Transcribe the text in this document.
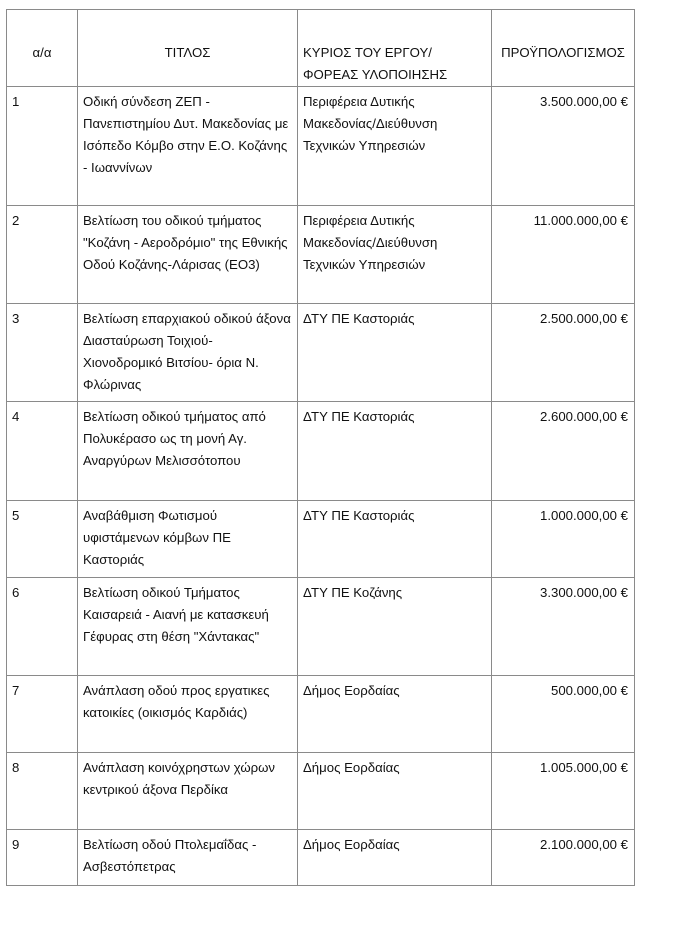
α/α	ΤΙΤΛΟΣ	ΚΥΡΙΟΣ ΤΟΥ ΕΡΓΟΥ/ΦΟΡΕΑΣ ΥΛΟΠΟΙΗΣΗΣ	ΠΡΟΫΠΟΛΟΓΙΣΜΟΣ
1	Οδική σύνδεση ΖΕΠ - Πανεπιστημίου Δυτ. Μακεδονίας με Ισόπεδο Κόμβο στην Ε.Ο. Κοζάνης - Ιωαννίνων	Περιφέρεια Δυτικής Μακεδονίας/Διεύθυνση Τεχνικών Υπηρεσιών	3.500.000,00 €
2	Βελτίωση του οδικού τμήματος "Κοζάνη - Αεροδρόμιο" της Εθνικής Οδού Κοζάνης-Λάρισας (ΕΟ3)	Περιφέρεια Δυτικής Μακεδονίας/Διεύθυνση Τεχνικών Υπηρεσιών	11.000.000,00 €
3	Βελτίωση επαρχιακού οδικού άξονα Διασταύρωση Τοιχιού-Χιονοδρομικό Βιτσίου- όρια Ν. Φλώρινας	ΔΤΥ ΠΕ Καστοριάς	2.500.000,00 €
4	Βελτίωση οδικού τμήματος από Πολυκέρασο ως τη μονή Αγ. Αναργύρων Μελισσότοπου	ΔΤΥ ΠΕ Καστοριάς	2.600.000,00 €
5	Αναβάθμιση Φωτισμού υφιστάμενων κόμβων ΠΕ Καστοριάς	ΔΤΥ ΠΕ Καστοριάς	1.000.000,00 €
6	Βελτίωση οδικού Τμήματος Καισαρειά - Αιανή με κατασκευή Γέφυρας στη θέση "Χάντακας"	ΔΤΥ ΠΕ Κοζάνης	3.300.000,00 €
7	Ανάπλαση οδού προς εργατικες κατοικίες (οικισμός Καρδιάς)	Δήμος Εορδαίας	500.000,00 €
8	Ανάπλαση κοινόχρηστων χώρων κεντρικού άξονα Περδίκα	Δήμος Εορδαίας	1.005.000,00 €
9	Βελτίωση οδού Πτολεμαΐδας - Ασβεστόπετρας	Δήμος Εορδαίας	2.100.000,00 €
